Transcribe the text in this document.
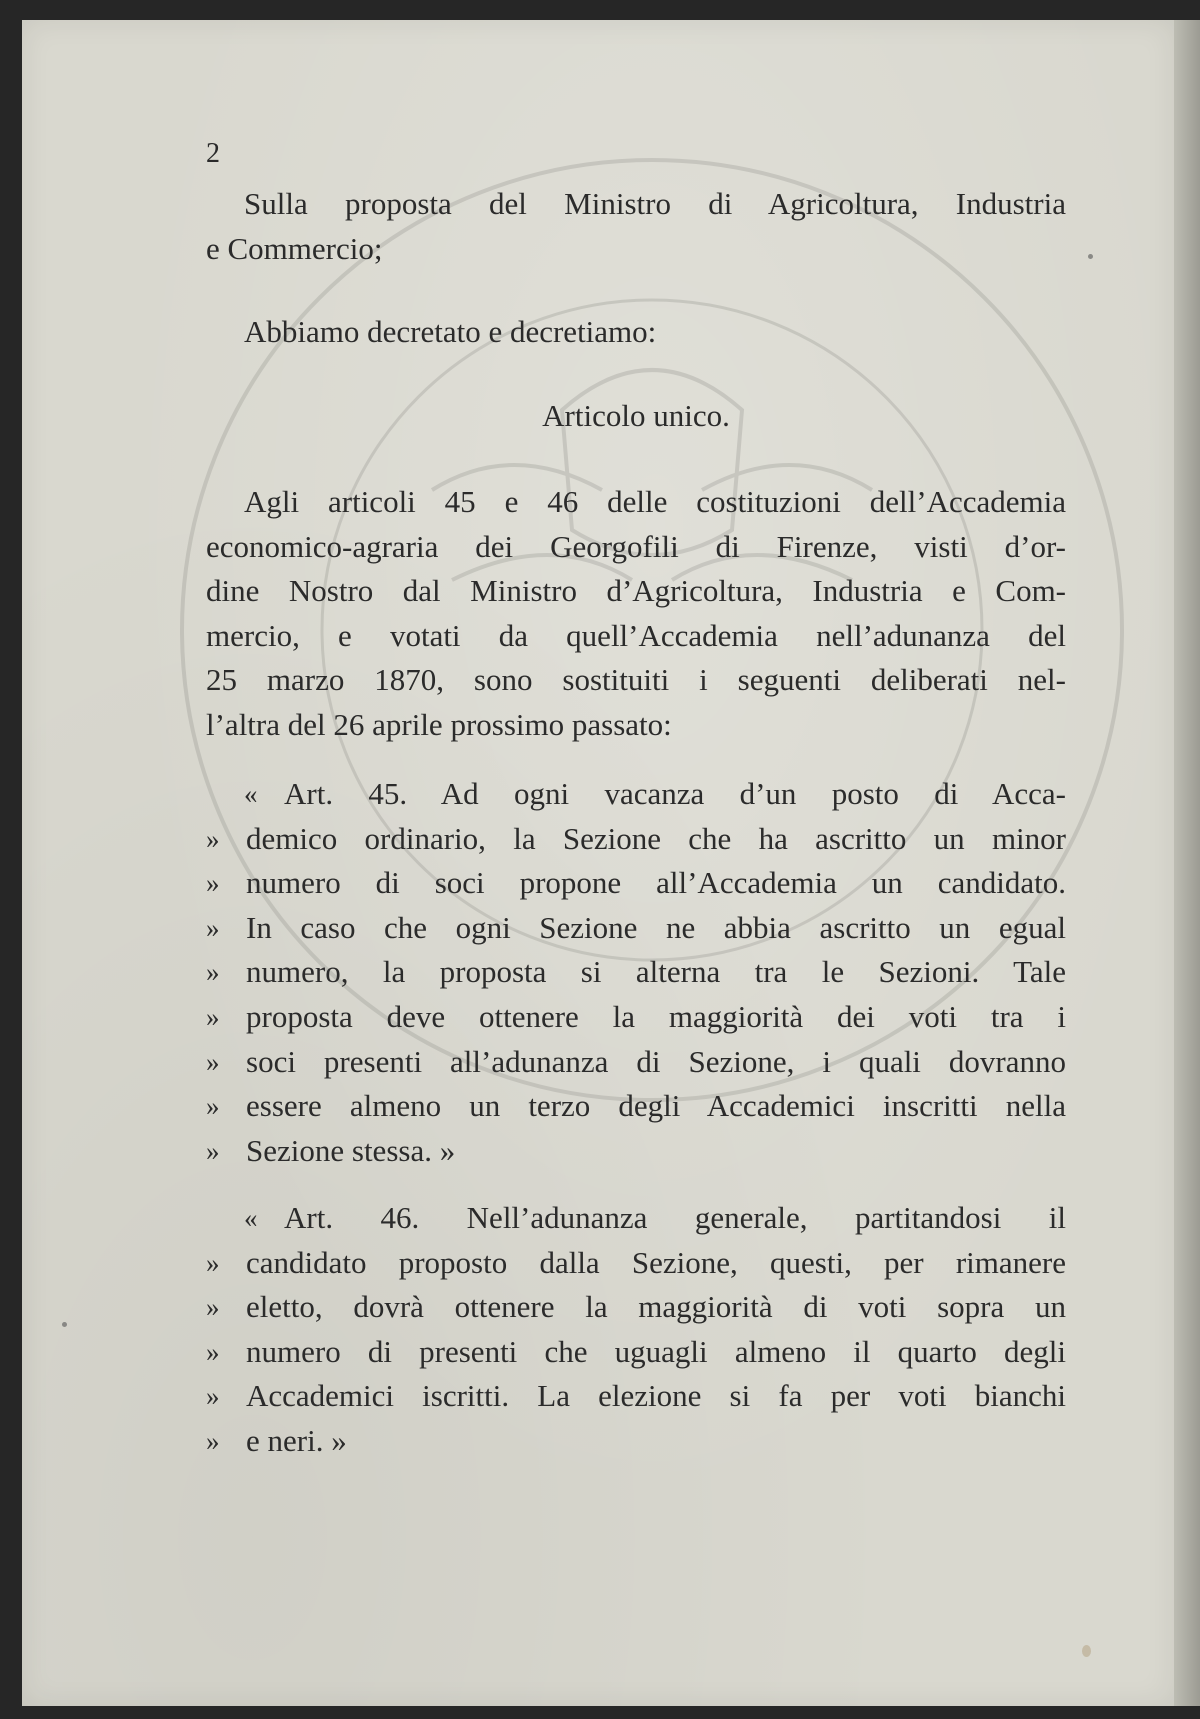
2
Sulla proposta del Ministro di Agricoltura, Industria
e Commercio;
Abbiamo decretato e decretiamo:
Articolo unico.
Agli articoli 45 e 46 delle costituzioni dell’Accademia
economico-agraria dei Georgofili di Firenze, visti d’or-
dine Nostro dal Ministro d’Agricoltura, Industria e Com-
mercio, e votati da quell’Accademia nell’adunanza del
25 marzo 1870, sono sostituiti i seguenti deliberati nel-
l’altra del 26 aprile prossimo passato:
« Art. 45. Ad ogni vacanza d’un posto di Acca-
» demico ordinario, la Sezione che ha ascritto un minor
» numero di soci propone all’Accademia un candidato.
» In caso che ogni Sezione ne abbia ascritto un egual
» numero, la proposta si alterna tra le Sezioni. Tale
» proposta deve ottenere la maggiorità dei voti tra i
» soci presenti all’adunanza di Sezione, i quali dovranno
» essere almeno un terzo degli Accademici inscritti nella
» Sezione stessa. »
« Art. 46. Nell’adunanza generale, partitandosi il
» candidato proposto dalla Sezione, questi, per rimanere
» eletto, dovrà ottenere la maggiorità di voti sopra un
» numero di presenti che uguagli almeno il quarto degli
» Accademici iscritti. La elezione si fa per voti bianchi
» e neri. »
